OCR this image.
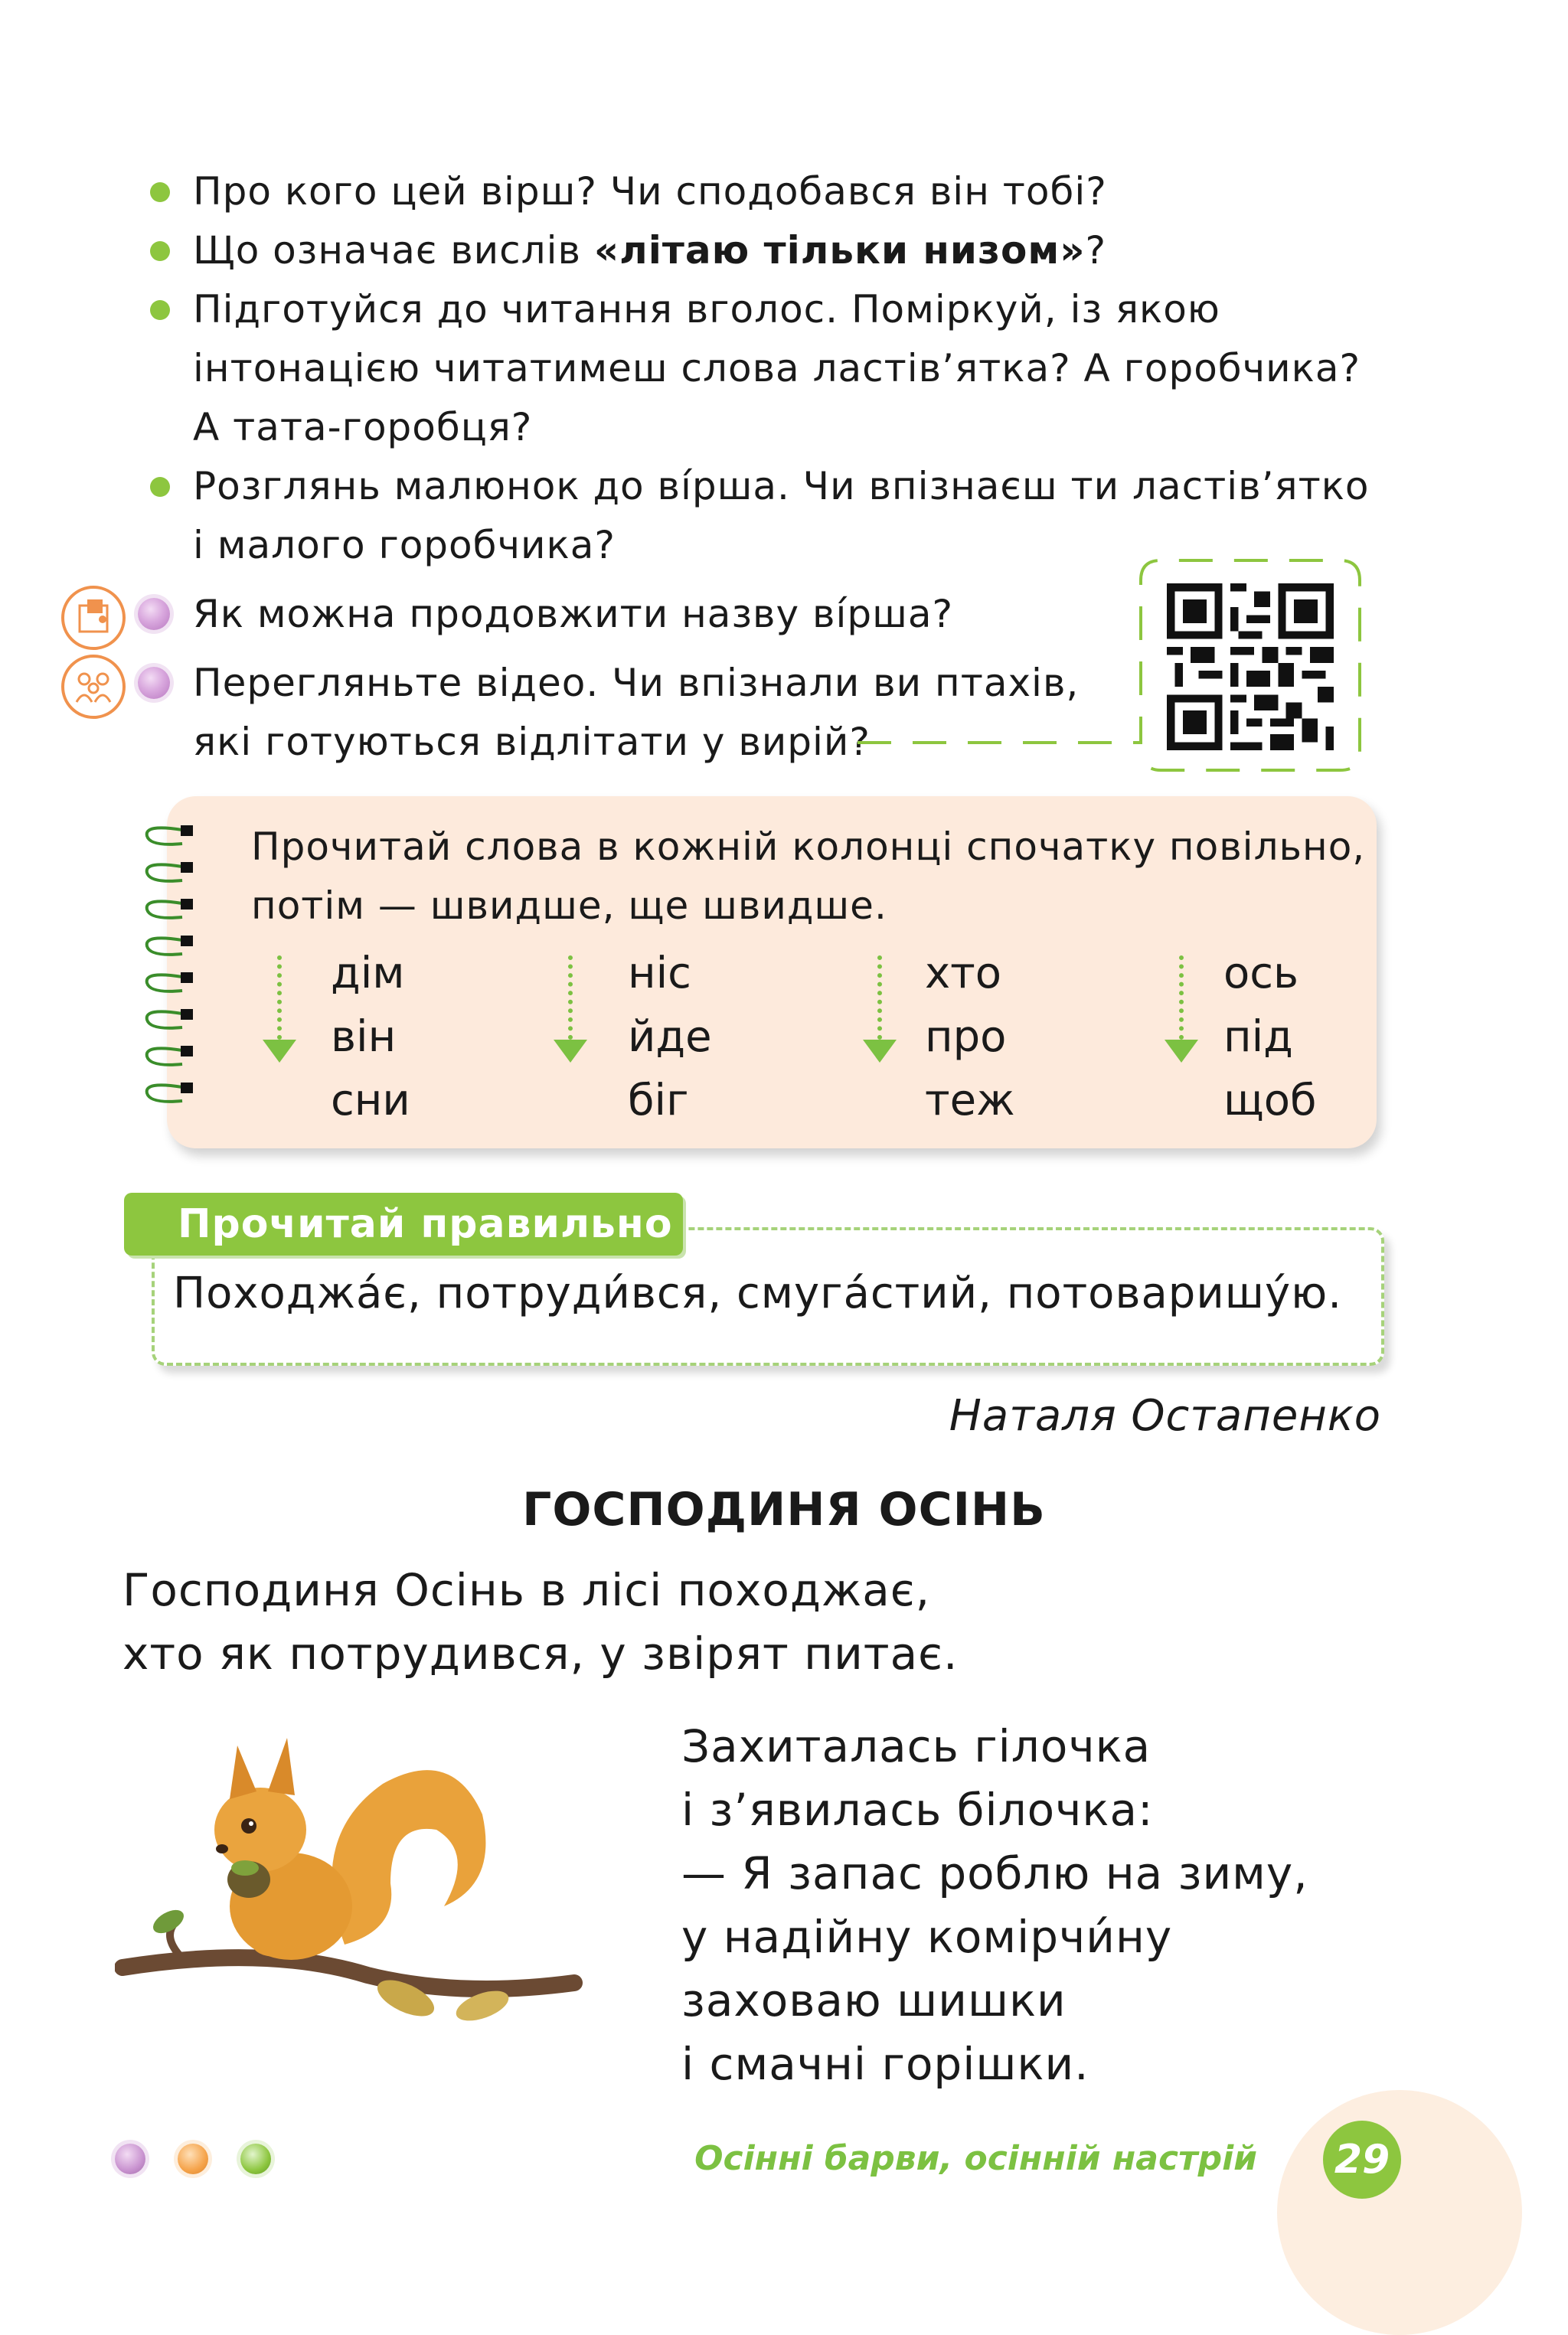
Про кого цей вірш? Чи сподобався він тобі?
Що означає вислів «літаю тільки низом»?
Підготуйся до читання вголос. Поміркуй, із якою
інтонацією читатимеш слова ластів’ятка? А горобчика?
А тата-горобця?
Розглянь малюнок до ві́рша. Чи впізнаєш ти ластів’ятко
і малого горобчика?
Як можна продовжити назву ві́рша?
Перегляньте відео. Чи впізнали ви птахів,
які готуються відлітати у вирій?
Прочитай слова в кожній колонці спочатку повільно,
потім — швидше, ще швидше.
дім
він
сни
ніс
йде
біг
хто
про
теж
ось
під
щоб
Прочитай правильно
Походжа́є, потруди́вся, смуга́стий, потоваришу́ю.
Наталя Остапенко
ГОСПОДИНЯ ОСІНЬ
Господиня Осінь в лісі походжає,
хто як потрудився, у звірят питає.
Захиталась гілочка
і з’явилась білочка:
— Я запас роблю на зиму,
у надійну комірчи́ну
заховаю шишки
і смачні горішки.
Осінні барви, осінній настрій 29
